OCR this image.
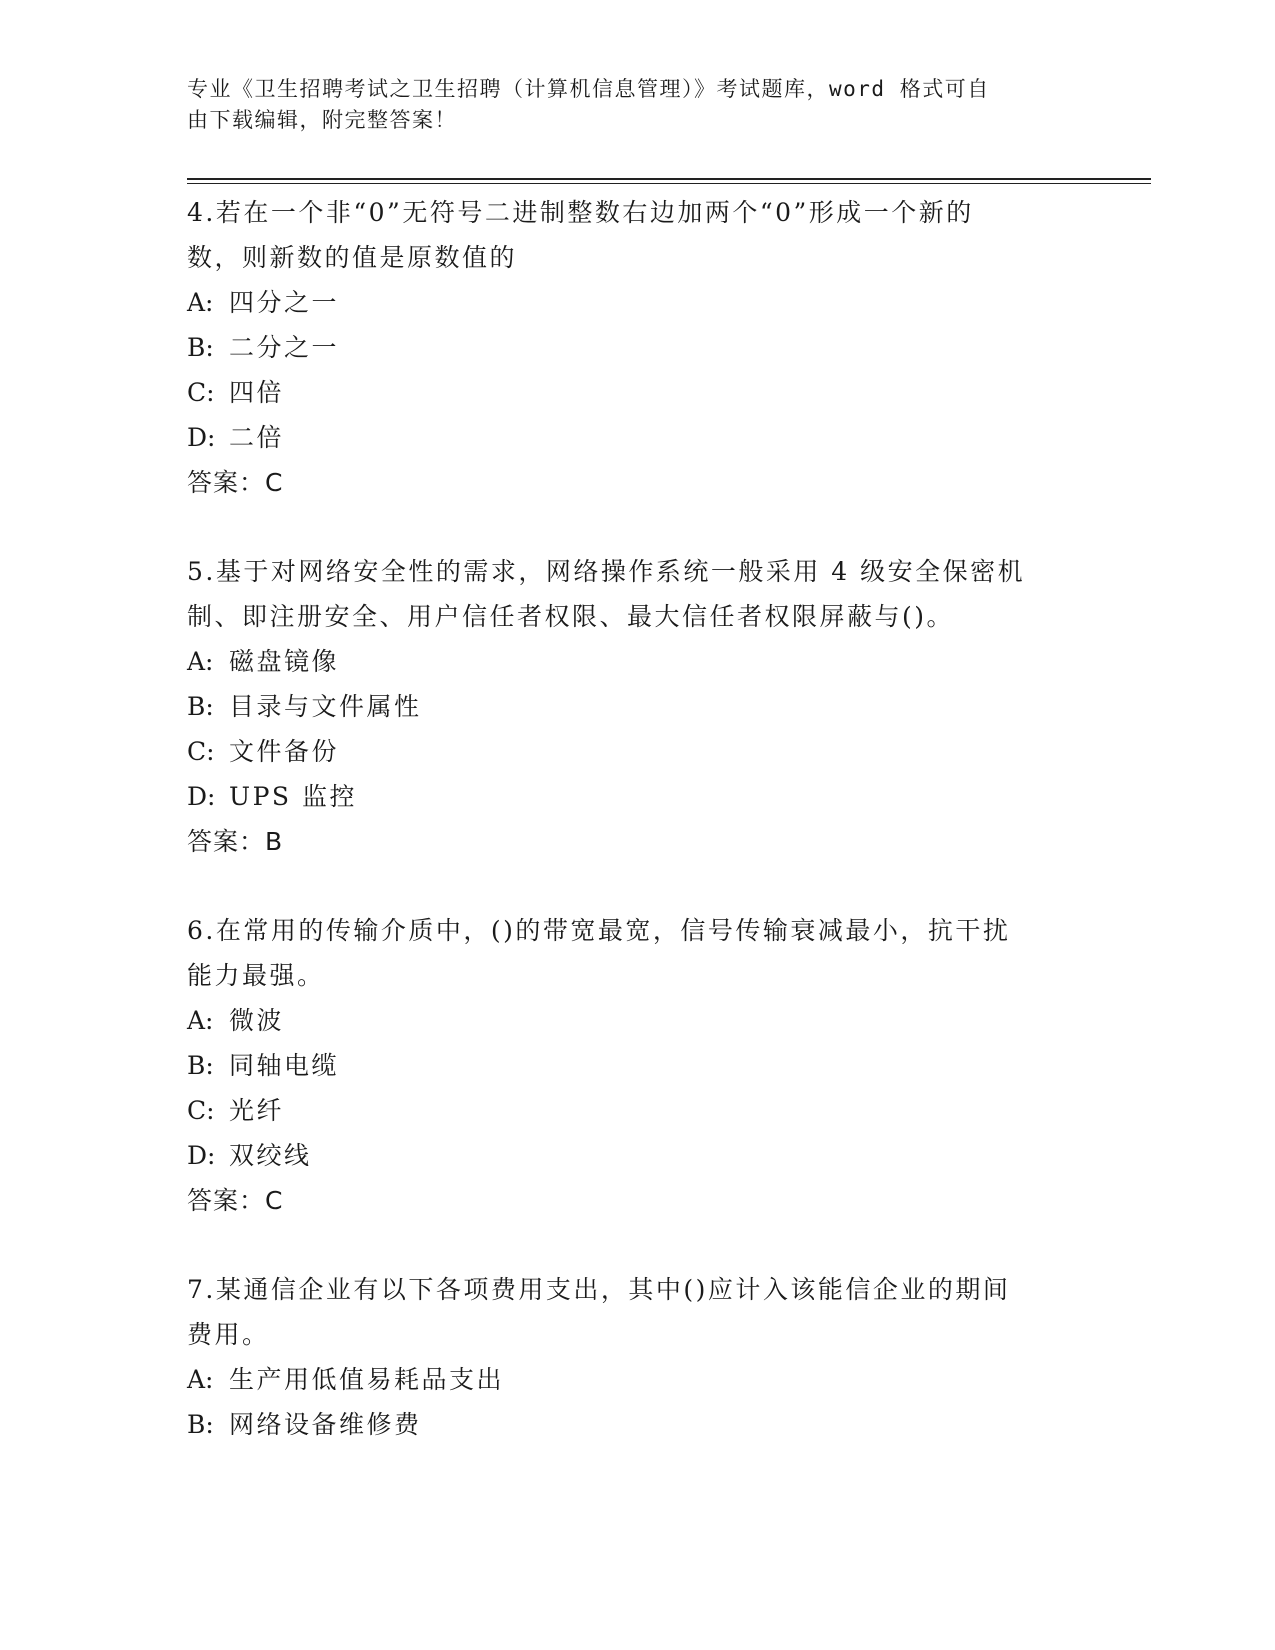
专业《卫生招聘考试之卫生招聘（计算机信息管理）》考试题库，word 格式可自
由下载编辑，附完整答案！
4.若在一个非“0”无符号二进制整数右边加两个“0”形成一个新的
数，则新数的值是原数值的
A: 四分之一
B: 二分之一
C: 四倍
D: 二倍
答案：C
5.基于对网络安全性的需求，网络操作系统一般采用 4 级安全保密机
制、即注册安全、用户信任者权限、最大信任者权限屏蔽与()。
A: 磁盘镜像
B: 目录与文件属性
C: 文件备份
D: UPS 监控
答案：B
6.在常用的传输介质中，()的带宽最宽，信号传输衰减最小，抗干扰
能力最强。
A: 微波
B: 同轴电缆
C: 光纤
D: 双绞线
答案：C
7.某通信企业有以下各项费用支出，其中()应计入该能信企业的期间
费用。
A: 生产用低值易耗品支出
B: 网络设备维修费
